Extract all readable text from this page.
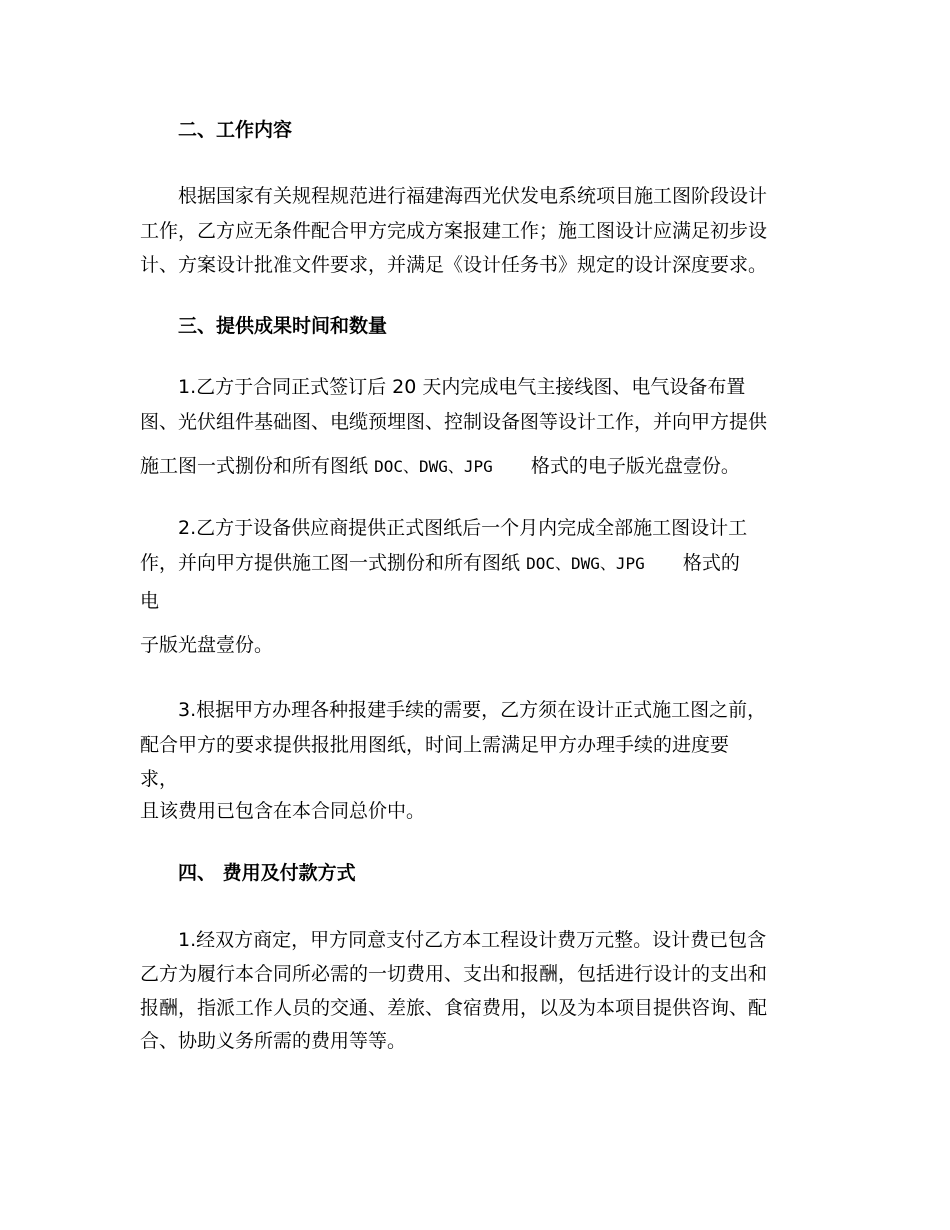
二、工作内容

根据国家有关规程规范进行福建海西光伏发电系统项目施工图阶段设计

工作，乙方应无条件配合甲方完成方案报建工作；施工图设计应满足初步设

计、方案设计批准文件要求，并满足《设计任务书》规定的设计深度要求。

三、提供成果时间和数量

1.乙方于合同正式签订后 20 天内完成电气主接线图、电气设备布置

图、光伏组件基础图、电缆预埋图、控制设备图等设计工作，并向甲方提供

施工图一式捌份和所有图纸 DOC、DWG、JPG 格式的电子版光盘壹份。

2.乙方于设备供应商提供正式图纸后一个月内完成全部施工图设计工

作，并向甲方提供施工图一式捌份和所有图纸 DOC、DWG、JPG 格式的

电

子版光盘壹份。

3.根据甲方办理各种报建手续的需要，乙方须在设计正式施工图之前，

配合甲方的要求提供报批用图纸，时间上需满足甲方办理手续的进度要

求，

且该费用已包含在本合同总价中。

四、 费用及付款方式

1.经双方商定，甲方同意支付乙方本工程设计费万元整。设计费已包含

乙方为履行本合同所必需的一切费用、支出和报酬，包括进行设计的支出和

报酬，指派工作人员的交通、差旅、食宿费用，以及为本项目提供咨询、配

合、协助义务所需的费用等等。
